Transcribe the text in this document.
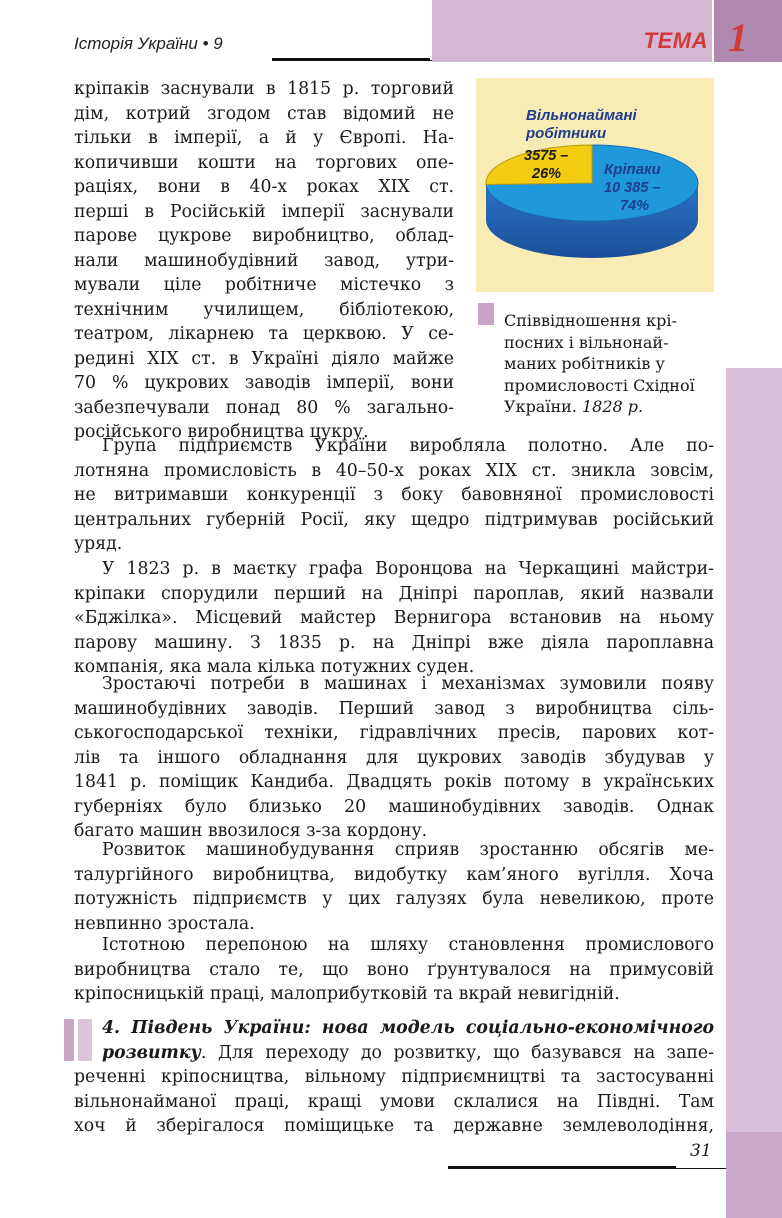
Історія України • 9	ТЕМА 1
кріпаків заснували в 1815 р. торговий
дім, котрий згодом став відомий не
тільки в імперії, а й у Європі. На-
копичивши кошти на торгових опе-
раціях, вони в 40-х роках XIX ст.
перші в Російській імперії заснували
парове цукрове виробництво, облад-
нали машинобудівний завод, утри-
мували ціле робітниче містечко з
технічним училищем, бібліотекою,
театром, лікарнею та церквою. У се-
редині XIX ст. в Україні діяло майже
70 % цукрових заводів імперії, вони
забезпечували понад 80 % загально-
російського виробництва цукру.
Вільнонаймані
робітники
3575 –
26%	Кріпаки
10 385 –
74%
Співвідношення крі-
посних і вільнонай-
маних робітників у
промисловості Східної
України. 1828 р.
Група підприємств України виробляла полотно. Але по-
лотняна промисловість в 40–50-х роках XIX ст. зникла зовсім,
не витримавши конкуренції з боку бавовняної промисловості
центральних губерній Росії, яку щедро підтримував російський
уряд.
У 1823 р. в маєтку графа Воронцова на Черкащині майстри-
кріпаки спорудили перший на Дніпрі пароплав, який назвали
«Бджілка». Місцевий майстер Вернигора встановив на ньому
парову машину. З 1835 р. на Дніпрі вже діяла пароплавна
компанія, яка мала кілька потужних суден.
Зростаючі потреби в машинах і механізмах зумовили появу
машинобудівних заводів. Перший завод з виробництва сіль-
ськогосподарської техніки, гідравлічних пресів, парових кот-
лів та іншого обладнання для цукрових заводів збудував у
1841 р. поміщик Кандиба. Двадцять років потому в українських
губерніях було близько 20 машинобудівних заводів. Однак
багато машин ввозилося з-за кордону.
Розвиток машинобудування сприяв зростанню обсягів ме-
талургійного виробництва, видобутку кам’яного вугілля. Хоча
потужність підприємств у цих галузях була невеликою, проте
невпинно зростала.
Істотною перепоною на шляху становлення промислового
виробництва стало те, що воно ґрунтувалося на примусовій
кріпосницькій праці, малоприбутковій та вкрай невигідній.
4. Південь України: нова модель соціально-економічного
розвитку. Для переходу до розвитку, що базувався на запе-
реченні кріпосництва, вільному підприємництві та застосуванні
вільнонайманої праці, кращі умови склалися на Півдні. Там
хоч й зберігалося поміщицьке та державне землеволодіння,
31
